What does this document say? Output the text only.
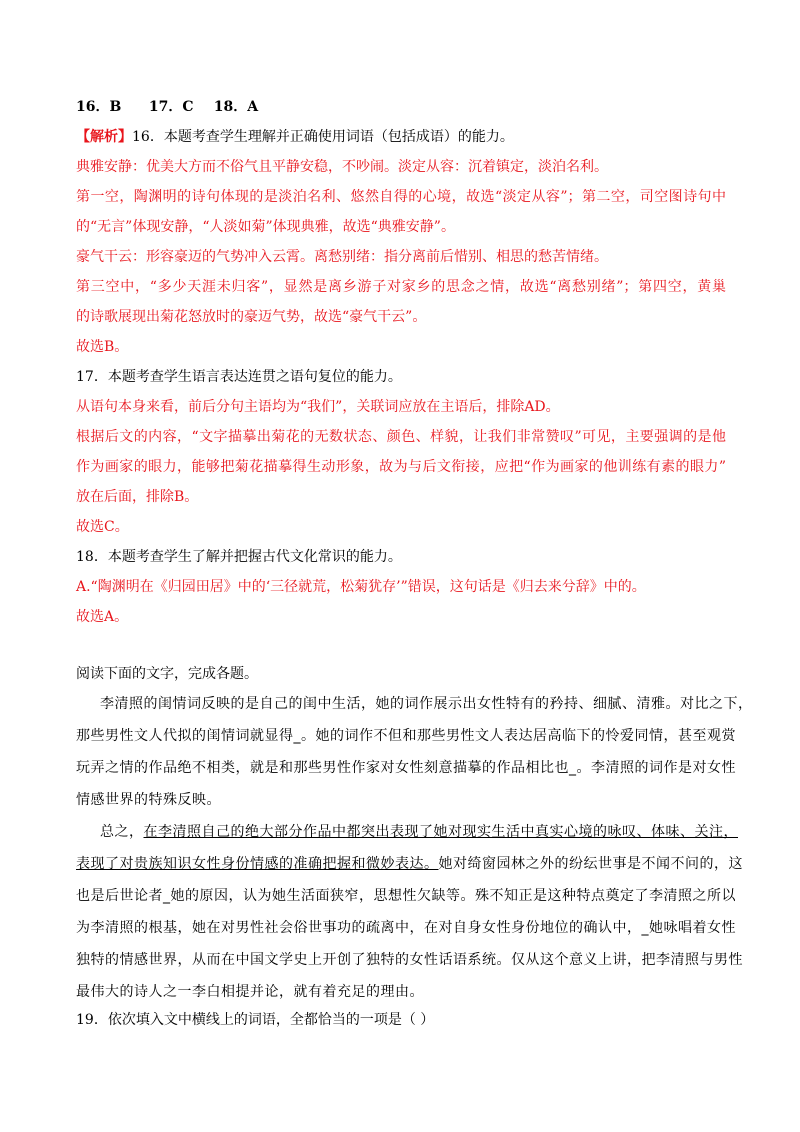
16．B 17．C 18．A
【解析】16．本题考查学生理解并正确使用词语（包括成语）的能力。
典雅安静：优美大方而不俗气且平静安稳，不吵闹。淡定从容：沉着镇定，淡泊名利。
第一空，陶渊明的诗句体现的是淡泊名利、悠然自得的心境，故选“淡定从容”；第二空，司空图诗句中
的“无言”体现安静，“人淡如菊”体现典雅，故选“典雅安静”。
豪气干云：形容豪迈的气势冲入云霄。离愁别绪：指分离前后惜别、相思的愁苦情绪。
第三空中，“多少天涯未归客”，显然是离乡游子对家乡的思念之情，故选“离愁别绪”；第四空，黄巢
的诗歌展现出菊花怒放时的豪迈气势，故选“豪气干云”。
故选B。
17．本题考查学生语言表达连贯之语句复位的能力。
从语句本身来看，前后分句主语均为“我们”，关联词应放在主语后，排除AD。
根据后文的内容，“文字描摹出菊花的无数状态、颜色、样貌，让我们非常赞叹”可见，主要强调的是他
作为画家的眼力，能够把菊花描摹得生动形象，故为与后文衔接，应把“作为画家的他训练有素的眼力”
放在后面，排除B。
故选C。
18．本题考查学生了解并把握古代文化常识的能力。
A.“陶渊明在《归园田居》中的‘三径就荒，松菊犹存’”错误，这句话是《归去来兮辞》中的。
故选A。
阅读下面的文字，完成各题。
李清照的闺情词反映的是自己的闺中生活，她的词作展示出女性特有的矜持、细腻、清雅。对比之下，
那些男性文人代拟的闺情词就显得_。她的词作不但和那些男性文人表达居高临下的怜爱同情，甚至观赏
玩弄之情的作品绝不相类，就是和那些男性作家对女性刻意描摹的作品相比也_。李清照的词作是对女性
情感世界的特殊反映。
总之，在李清照自己的绝大部分作品中都突出表现了她对现实生活中真实心境的咏叹、体味、关注，
表现了对贵族知识女性身份情感的准确把握和微妙表达。她对绮窗园林之外的纷纭世事是不闻不问的，这
也是后世论者_她的原因，认为她生活面狭窄，思想性欠缺等。殊不知正是这种特点奠定了李清照之所以
为李清照的根基，她在对男性社会俗世事功的疏离中，在对自身女性身份地位的确认中，_她咏唱着女性
独特的情感世界，从而在中国文学史上开创了独特的女性话语系统。仅从这个意义上讲，把李清照与男性
最伟大的诗人之一李白相提并论，就有着充足的理由。
19．依次填入文中横线上的词语，全都恰当的一项是（ ）
